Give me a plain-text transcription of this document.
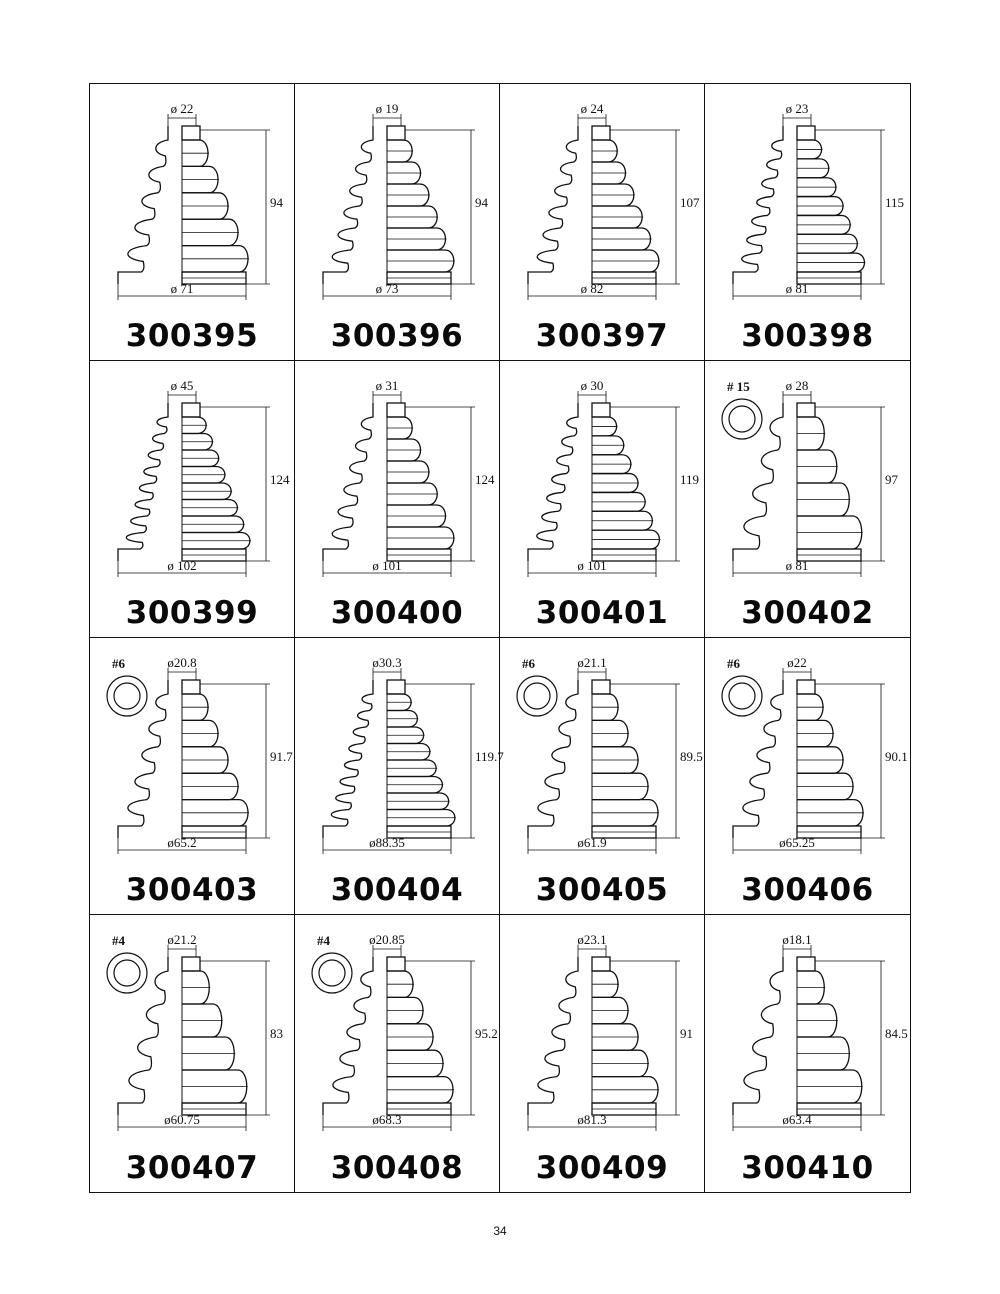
ø 22
94
ø 71
300395
ø 19
94
ø 73
300396
ø 24
107
ø 82
300397
ø 23
115
ø 81
300398
ø 45
124
ø 102
300399
ø 31
124
ø 101
300400
ø 30
119
ø 101
300401
ø 28
97
ø 81
# 15
300402
ø20.8
91.7
ø65.2
#6
300403
ø30.3
119.7
ø88.35
300404
ø21.1
89.5
ø61.9
#6
300405
ø22
90.1
ø65.25
#6
300406
ø21.2
83
ø60.75
#4
300407
ø20.85
95.2
ø68.3
#4
300408
ø23.1
91
ø81.3
300409
ø18.1
84.5
ø63.4
300410
34
